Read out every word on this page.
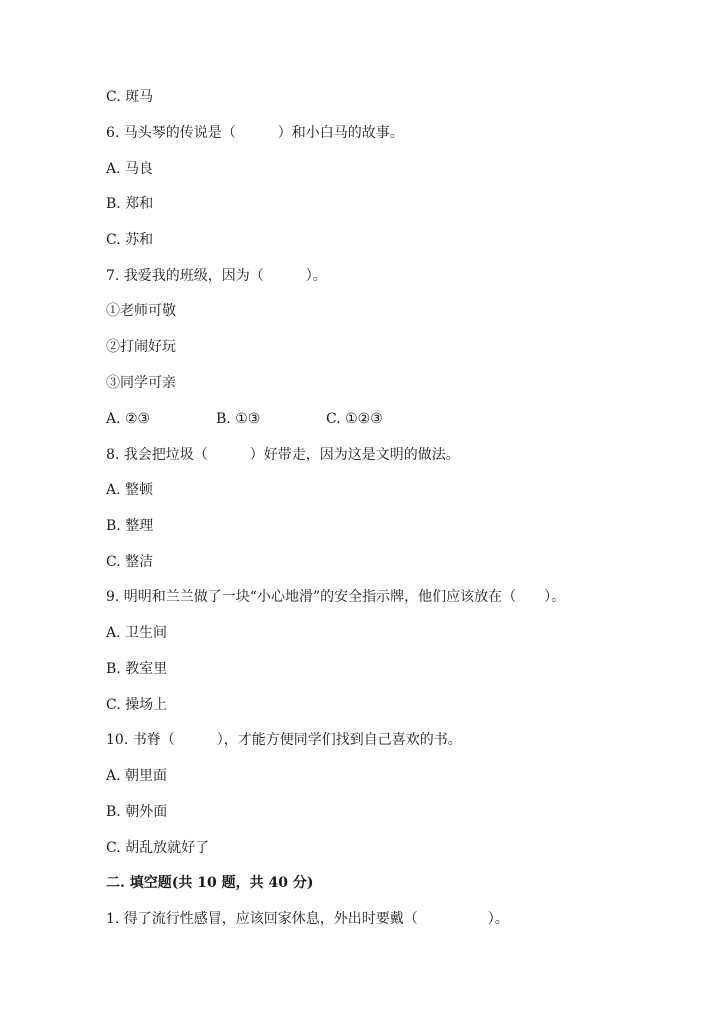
C. 斑马
6. 马头琴的传说是（　　　）和小白马的故事。
A. 马良
B. 郑和
C. 苏和
7. 我爱我的班级，因为（　　　）。
①老师可敬
②打闹好玩
③同学可亲

A. ②③

	B. ①③

	C. ①②③

8. 我会把垃圾（　　　）好带走，因为这是文明的做法。
A. 整顿
B. 整理
C. 整洁
9. 明明和兰兰做了一块“小心地滑”的安全指示牌，他们应该放在（　　）。
A. 卫生间
B. 教室里
C. 操场上
10. 书脊（　　　），才能方便同学们找到自己喜欢的书。
A. 朝里面
B. 朝外面
C. 胡乱放就好了
二. 填空题(共 10 题，共 40 分)
1. 得了流行性感冒，应该回家休息，外出时要戴（　　　　　）。
